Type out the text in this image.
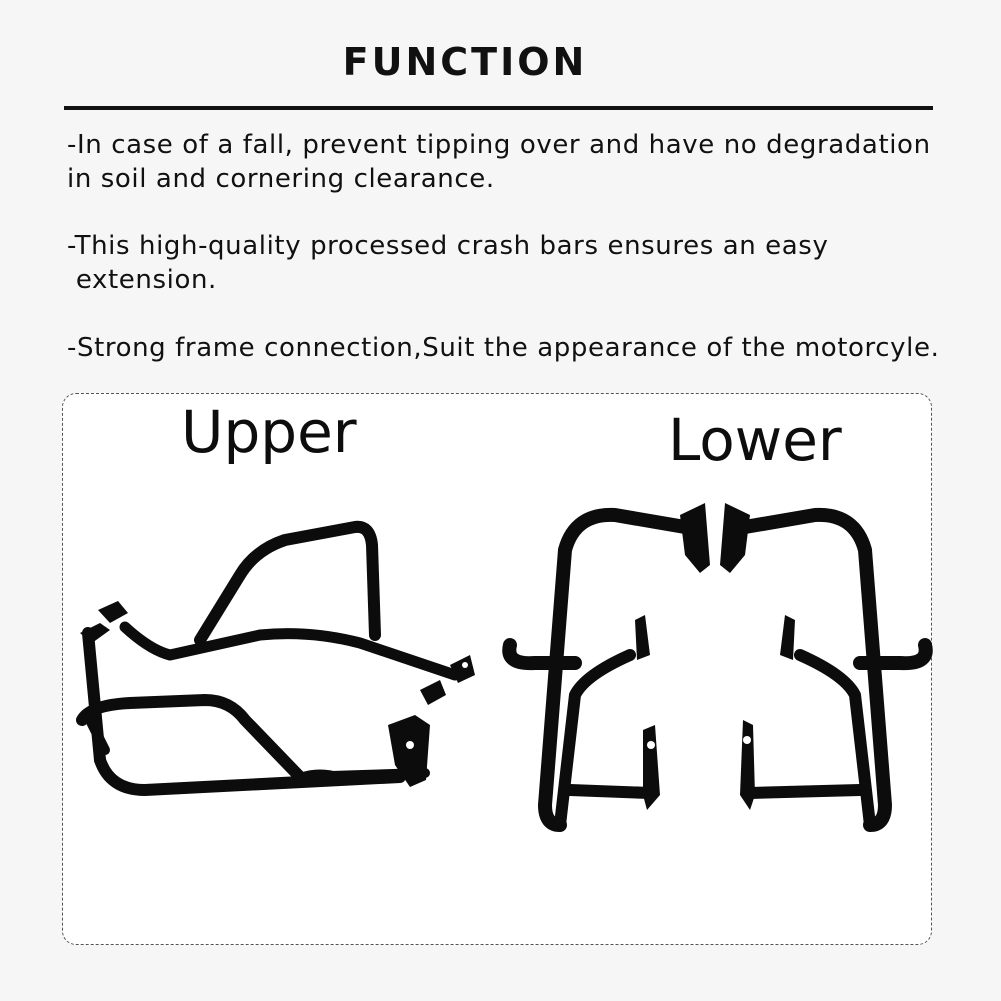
FUNCTION
-In case of a fall, prevent tipping over and have no degradation
in soil and cornering clearance.
-This high-quality processed crash bars ensures an easy
extension.
-Strong frame connection,Suit the appearance of the motorcyle.
Upper	Lower
